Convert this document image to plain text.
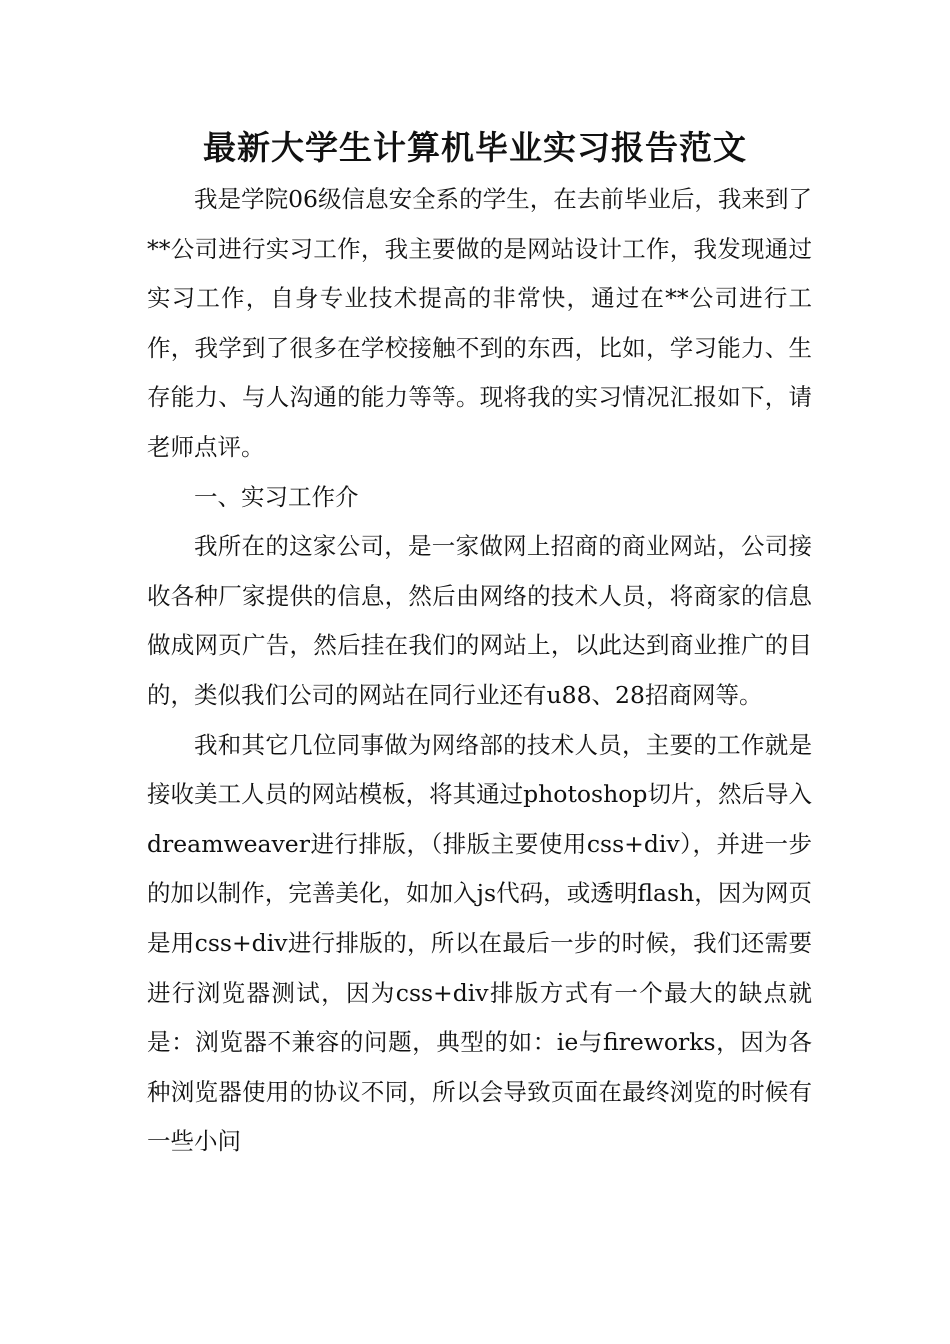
最新大学生计算机毕业实习报告范文

我是学院06级信息安全系的学生，在去前毕业后，我来到了**公司进行实习工作，我主要做的是网站设计工作，我发现通过实习工作，自身专业技术提高的非常快，通过在**公司进行工作，我学到了很多在学校接触不到的东西，比如，学习能力、生存能力、与人沟通的能力等等。现将我的实习情况汇报如下，请老师点评。

一、实习工作介

我所在的这家公司，是一家做网上招商的商业网站，公司接收各种厂家提供的信息，然后由网络的技术人员，将商家的信息做成网页广告，然后挂在我们的网站上，以此达到商业推广的目的，类似我们公司的网站在同行业还有u88、28招商网等。

我和其它几位同事做为网络部的技术人员，主要的工作就是接收美工人员的网站模板，将其通过photoshop切片，然后导入dreamweaver进行排版，（排版主要使用css+div），并进一步的加以制作，完善美化，如加入js代码，或透明flash，因为网页是用css+div进行排版的，所以在最后一步的时候，我们还需要进行浏览器测试，因为css+div排版方式有一个最大的缺点就是：浏览器不兼容的问题，典型的如：ie与fireworks，因为各种浏览器使用的协议不同，所以会导致页面在最终浏览的时候有一些小问
